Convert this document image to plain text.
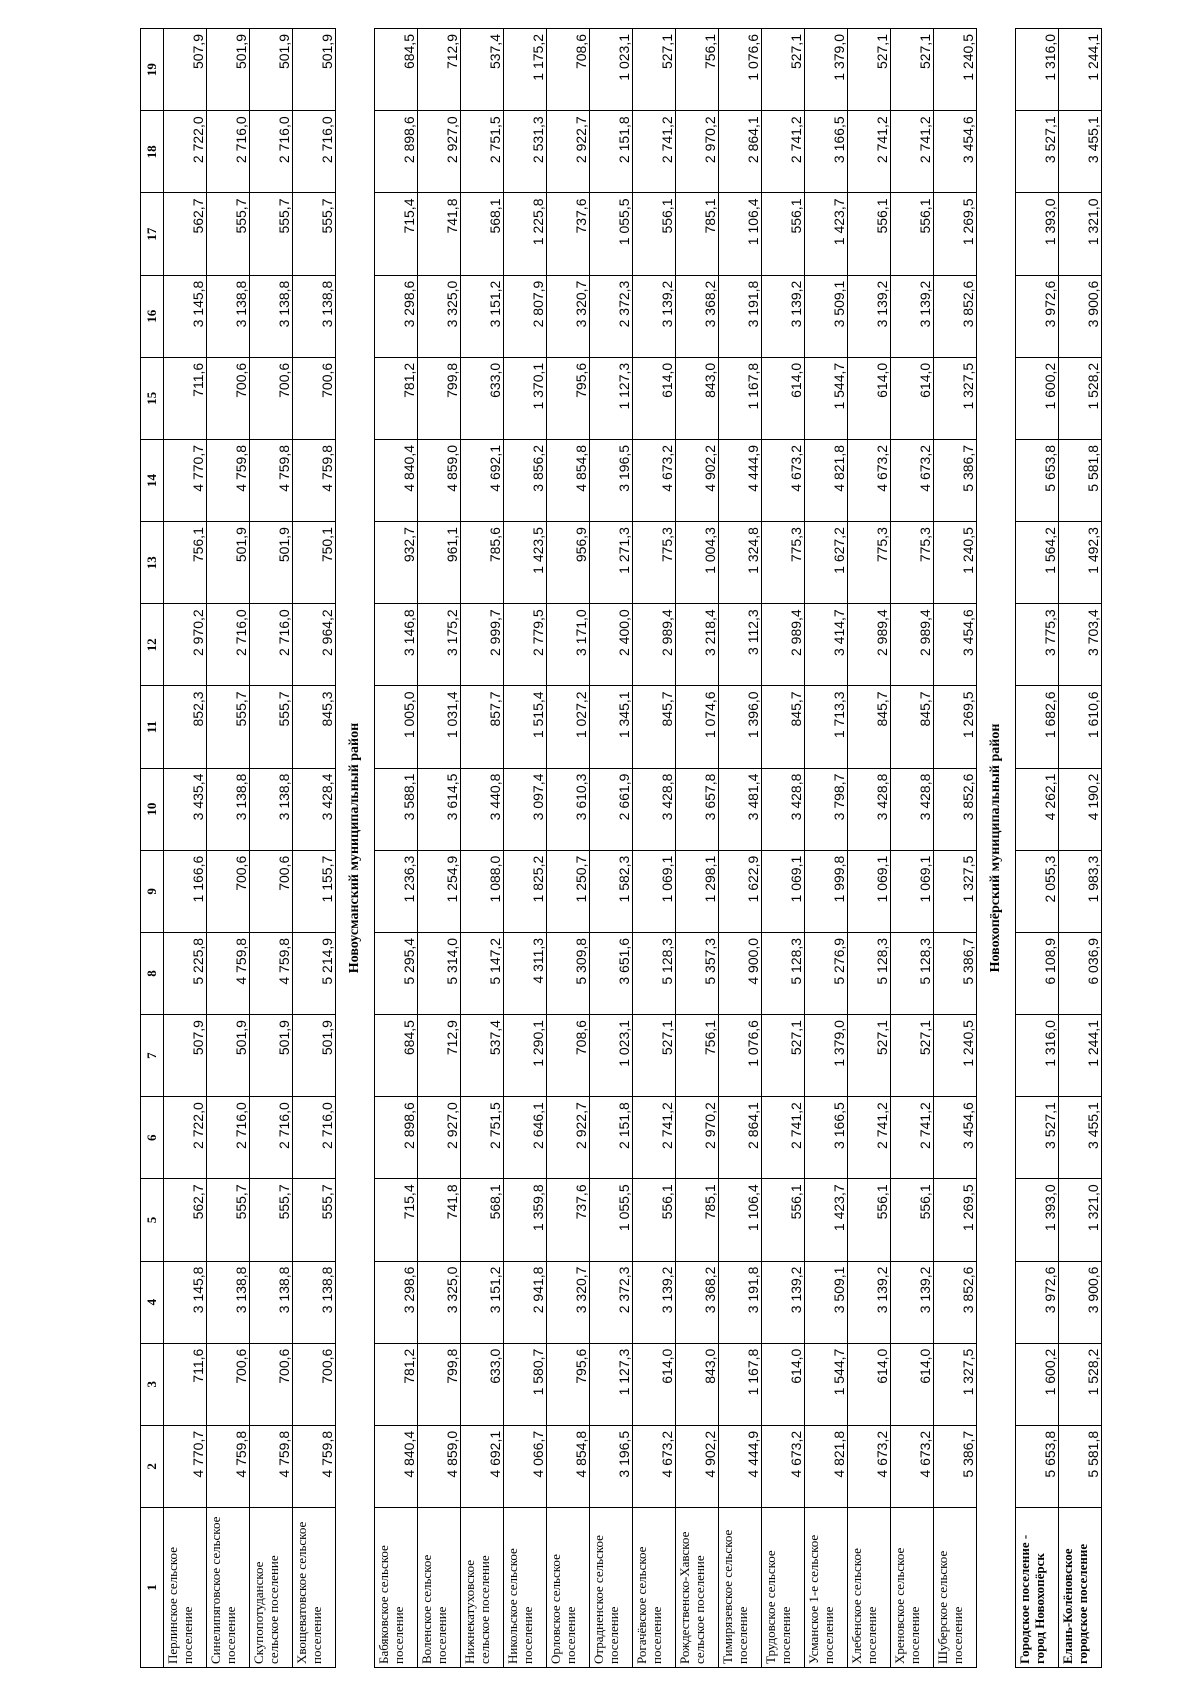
1	2	3	4	5	6	7	8	9	10	11	12	13	14	15	16	17	18	19
Перлинское сельское поселение	4 770,7	711,6	3 145,8	562,7	2 722,0	507,9	5 225,8	1 166,6	3 435,4	852,3	2 970,2	756,1	4 770,7	711,6	3 145,8	562,7	2 722,0	507,9
Синелипяговское сельское поселение	4 759,8	700,6	3 138,8	555,7	2 716,0	501,9	4 759,8	700,6	3 138,8	555,7	2 716,0	501,9	4 759,8	700,6	3 138,8	555,7	2 716,0	501,9
Скупопотуданское сельское поселение	4 759,8	700,6	3 138,8	555,7	2 716,0	501,9	4 759,8	700,6	3 138,8	555,7	2 716,0	501,9	4 759,8	700,6	3 138,8	555,7	2 716,0	501,9
Хвощеватовское сельское поселение	4 759,8	700,6	3 138,8	555,7	2 716,0	501,9	5 214,9	1 155,7	3 428,4	845,3	2 964,2	750,1	4 759,8	700,6	3 138,8	555,7	2 716,0	501,9
Новоусманский муниципальный район																		
Бабяковское сельское поселение	4 840,4	781,2	3 298,6	715,4	2 898,6	684,5	5 295,4	1 236,3	3 588,1	1 005,0	3 146,8	932,7	4 840,4	781,2	3 298,6	715,4	2 898,6	684,5
Воленское сельское поселение	4 859,0	799,8	3 325,0	741,8	2 927,0	712,9	5 314,0	1 254,9	3 614,5	1 031,4	3 175,2	961,1	4 859,0	799,8	3 325,0	741,8	2 927,0	712,9
Нижнекатуховское сельское поселение	4 692,1	633,0	3 151,2	568,1	2 751,5	537,4	5 147,2	1 088,0	3 440,8	857,7	2 999,7	785,6	4 692,1	633,0	3 151,2	568,1	2 751,5	537,4
Никольское сельское поселение	4 066,7	1 580,7	2 941,8	1 359,8	2 646,1	1 290,1	4 311,3	1 825,2	3 097,4	1 515,4	2 779,5	1 423,5	3 856,2	1 370,1	2 807,9	1 225,8	2 531,3	1 175,2
Орловское сельское поселение	4 854,8	795,6	3 320,7	737,6	2 922,7	708,6	5 309,8	1 250,7	3 610,3	1 027,2	3 171,0	956,9	4 854,8	795,6	3 320,7	737,6	2 922,7	708,6
Отрадненское сельское поселение	3 196,5	1 127,3	2 372,3	1 055,5	2 151,8	1 023,1	3 651,6	1 582,3	2 661,9	1 345,1	2 400,0	1 271,3	3 196,5	1 127,3	2 372,3	1 055,5	2 151,8	1 023,1
Рогачёвское сельское поселение	4 673,2	614,0	3 139,2	556,1	2 741,2	527,1	5 128,3	1 069,1	3 428,8	845,7	2 989,4	775,3	4 673,2	614,0	3 139,2	556,1	2 741,2	527,1
Рождественско-Хавское сельское поселение	4 902,2	843,0	3 368,2	785,1	2 970,2	756,1	5 357,3	1 298,1	3 657,8	1 074,6	3 218,4	1 004,3	4 902,2	843,0	3 368,2	785,1	2 970,2	756,1
Тимирязевское сельское поселение	4 444,9	1 167,8	3 191,8	1 106,4	2 864,1	1 076,6	4 900,0	1 622,9	3 481,4	1 396,0	3 112,3	1 324,8	4 444,9	1 167,8	3 191,8	1 106,4	2 864,1	1 076,6
Трудовское сельское поселение	4 673,2	614,0	3 139,2	556,1	2 741,2	527,1	5 128,3	1 069,1	3 428,8	845,7	2 989,4	775,3	4 673,2	614,0	3 139,2	556,1	2 741,2	527,1
Усманское 1-е сельское поселение	4 821,8	1 544,7	3 509,1	1 423,7	3 166,5	1 379,0	5 276,9	1 999,8	3 798,7	1 713,3	3 414,7	1 627,2	4 821,8	1 544,7	3 509,1	1 423,7	3 166,5	1 379,0
Хлебенское сельское поселение	4 673,2	614,0	3 139,2	556,1	2 741,2	527,1	5 128,3	1 069,1	3 428,8	845,7	2 989,4	775,3	4 673,2	614,0	3 139,2	556,1	2 741,2	527,1
Хреновское сельское поселение	4 673,2	614,0	3 139,2	556,1	2 741,2	527,1	5 128,3	1 069,1	3 428,8	845,7	2 989,4	775,3	4 673,2	614,0	3 139,2	556,1	2 741,2	527,1
Шуберское сельское поселение	5 386,7	1 327,5	3 852,6	1 269,5	3 454,6	1 240,5	5 386,7	1 327,5	3 852,6	1 269,5	3 454,6	1 240,5	5 386,7	1 327,5	3 852,6	1 269,5	3 454,6	1 240,5
Новохопёрский муниципальный район																		
Городское поселение - город Новохопёрск	5 653,8	1 600,2	3 972,6	1 393,0	3 527,1	1 316,0	6 108,9	2 055,3	4 262,1	1 682,6	3 775,3	1 564,2	5 653,8	1 600,2	3 972,6	1 393,0	3 527,1	1 316,0
Елань-Колёновское городское поселение	5 581,8	1 528,2	3 900,6	1 321,0	3 455,1	1 244,1	6 036,9	1 983,3	4 190,2	1 610,6	3 703,4	1 492,3	5 581,8	1 528,2	3 900,6	1 321,0	3 455,1	1 244,1
